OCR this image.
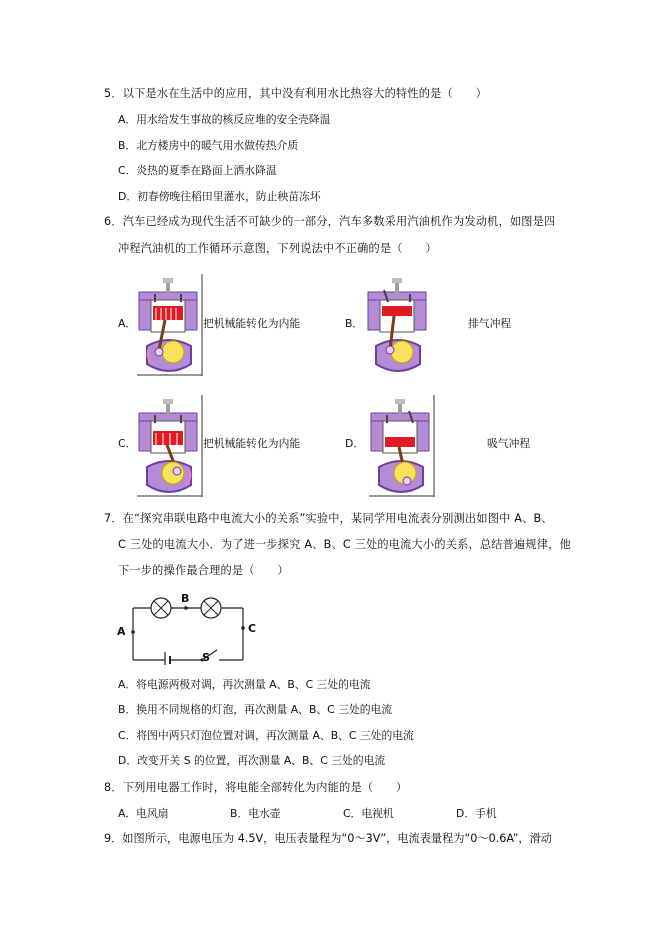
5．以下是水在生活中的应用，其中没有利用水比热容大的特性的是（　　）
A．用水给发生事故的核反应堆的安全壳降温
B．北方楼房中的暖气用水做传热介质
C．炎热的夏季在路面上洒水降温
D．初春傍晚往稻田里灌水，防止秧苗冻坏
6．汽车已经成为现代生活不可缺少的一部分，汽车多数采用汽油机作为发动机，如图是四
冲程汽油机的工作循环示意图，下列说法中不正确的是（　　）
A．	把机械能转化为内能	B．	排气冲程
C．	把机械能转化为内能	D．	吸气冲程
7．在“探究串联电路中电流大小的关系”实验中，某同学用电流表分别测出如图中 A、B、
C 三处的电流大小．为了进一步探究 A、B、C 三处的电流大小的关系，总结普遍规律，他
下一步的操作最合理的是（　　）
A
B
C
S
A．将电源两极对调，再次测量 A、B、C 三处的电流
B．换用不同规格的灯泡，再次测量 A、B、C 三处的电流
C．将图中两只灯泡位置对调，再次测量 A、B、C 三处的电流
D．改变开关 S 的位置，再次测量 A、B、C 三处的电流
8．下列用电器工作时，将电能全部转化为内能的是（　　）
A．电风扇	B．电水壶	C．电视机	D．手机
9．如图所示，电源电压为 4.5V，电压表量程为“0～3V”，电流表量程为“0～0.6A”，滑动
